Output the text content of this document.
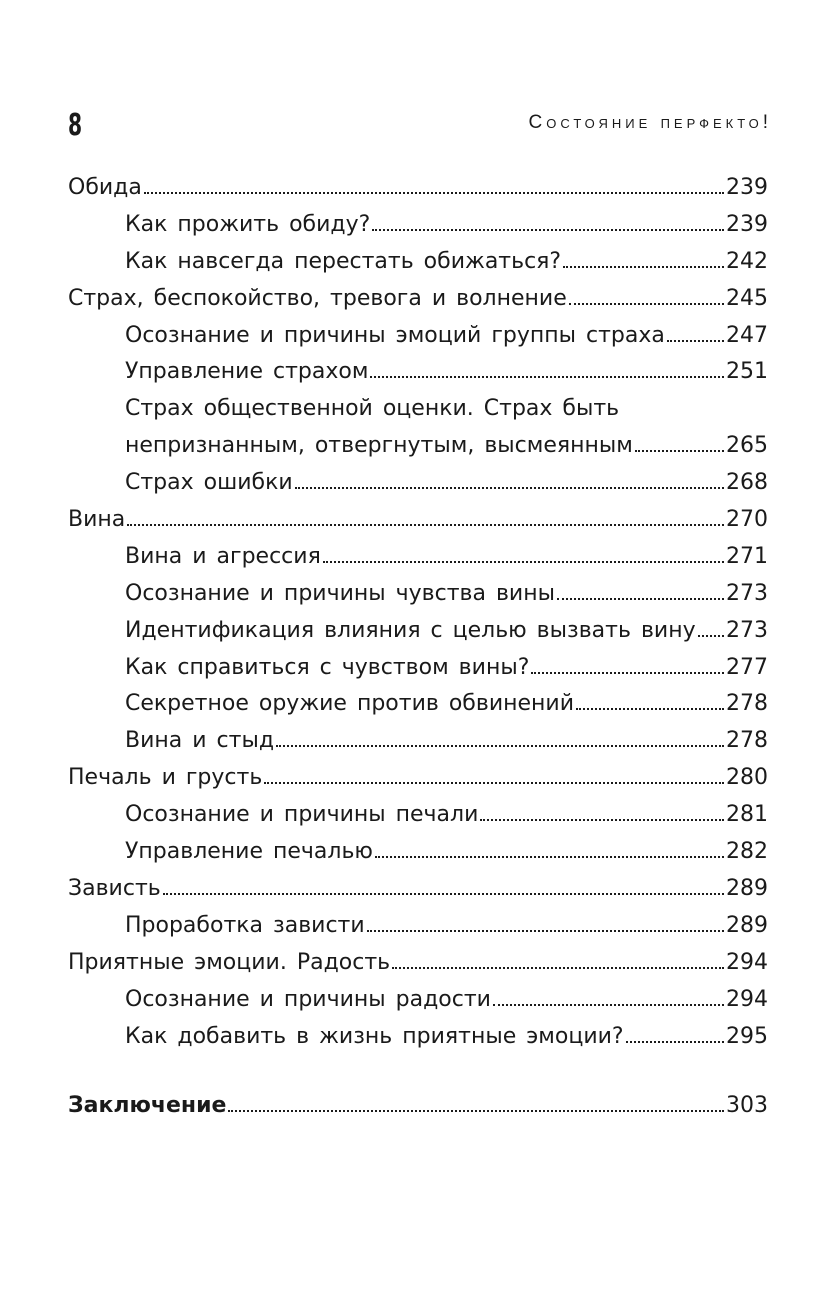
8	Состояние перфекто!
Обида	239
Как прожить обиду?	239
Как навсегда перестать обижаться?	242
Страх, беспокойство, тревога и волнение	245
Осознание и причины эмоций группы страха	247
Управление страхом	251
Страх общественной оценки. Страх быть
непризнанным, отвергнутым, высмеянным	265
Страх ошибки	268
Вина	270
Вина и агрессия	271
Осознание и причины чувства вины	273
Идентификация влияния с целью вызвать вину 273
Как справиться с чувством вины?	277
Секретное оружие против обвинений	278
Вина и стыд	278
Печаль и грусть	280
Осознание и причины печали	281
Управление печалью	282
Зависть	289
Проработка зависти	289
Приятные эмоции. Радость	294
Осознание и причины радости	294
Как добавить в жизнь приятные эмоции?	295
Заключение	303
